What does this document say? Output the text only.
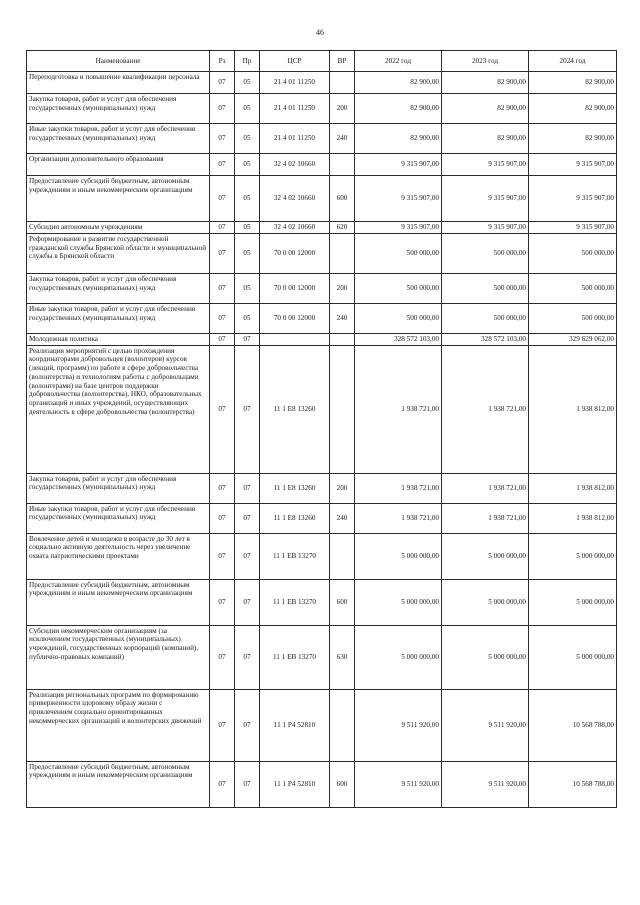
46
Наименование	Рз	Пр	ЦСР	ВР	2022 год	2023 год	2024 год
Переподготовка и повышение квалификации персонала	07	05	21 4 01 11250		82 900,00	82 900,00	82 900,00
Закупка товаров, работ и услуг для обеспечения государственных (муниципальных) нужд	07	05	21 4 01 11250	200	82 900,00	82 900,00	82 900,00
Иные закупки товаров, работ и услуг для обеспечения государственных (муниципальных) нужд	07	05	21 4 01 11250	240	82 900,00	82 900,00	82 900,00
Организации дополнительного образования	07	05	32 4 02 10660		9 315 907,00	9 315 907,00	9 315 907,00
Предоставление субсидий бюджетным, автономным учреждениям и иным некоммерческим организациям	07	05	32 4 02 10660	600	9 315 907,00	9 315 907,00	9 315 907,00
Субсидии автономным учреждениям	07	05	32 4 02 10660	620	9 315 907,00	9 315 907,00	9 315 907,00
Реформирование и развитие государственной гражданской службы Брянской области и муниципальной службы в Брянской области	07	05	70 0 00 12000		500 000,00	500 000,00	500 000,00
Закупка товаров, работ и услуг для обеспечения государственных (муниципальных) нужд	07	05	70 0 00 12000	200	500 000,00	500 000,00	500 000,00
Иные закупки товаров, работ и услуг для обеспечения государственных (муниципальных) нужд	07	05	70 0 00 12000	240	500 000,00	500 000,00	500 000,00
Молодежная политика	07	07			328 572 103,00	328 572 103,00	329 629 062,00
Реализация мероприятий с целью прохождения координаторами добровольцев (волонтеров) курсов (лекций, программ) по работе в сфере добровольчества (волонтерства) и технологиям работы с добровольцами (волонтерами) на базе центров поддержки добровольчества (волонтерства), НКО, образовательных организаций и иных учреждений, осуществляющих деятельность в сфере добровольчества (волонтерства)	07	07	11 1 E8 13260		1 938 721,00	1 938 721,00	1 938 812,00
Закупка товаров, работ и услуг для обеспечения государственных (муниципальных) нужд	07	07	11 1 E8 13260	200	1 938 721,00	1 938 721,00	1 938 812,00
Иные закупки товаров, работ и услуг для обеспечения государственных (муниципальных) нужд	07	07	11 1 E8 13260	240	1 938 721,00	1 938 721,00	1 938 812,00
Вовлечение детей и молодежи в возрасте до 30 лет в социально активную деятельность через увеличение охвата патриотическими проектами	07	07	11 1 EB 13270		5 000 000,00	5 000 000,00	5 000 000,00
Предоставление субсидий бюджетным, автономным учреждениям и иным некоммерческим организациям	07	07	11 1 EB 13270	600	5 000 000,00	5 000 000,00	5 000 000,00
Субсидии некоммерческим организациям (за исключением государственных (муниципальных) учреждений, государственных корпораций (компаний), публично-правовых компаний)	07	07	11 1 EB 13270	630	5 000 000,00	5 000 000,00	5 000 000,00
Реализация региональных программ по формированию приверженности здоровому образу жизни с привлечением социально ориентированных некоммерческих организаций и волонтерских движений	07	07	11 1 P4 52810		9 511 920,00	9 511 920,00	10 568 788,00
Предоставление субсидий бюджетным, автономным учреждениям и иным некоммерческим организациям	07	07	11 1 P4 52810	600	9 511 920,00	9 511 920,00	10 568 788,00
